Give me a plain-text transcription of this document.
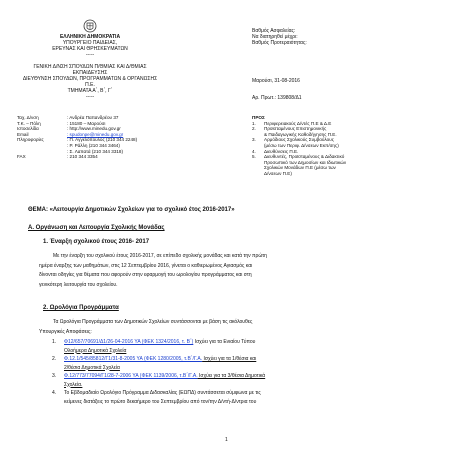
ΕΛΛΗΝΙΚΗ ΔΗΜΟΚΡΑΤΙΑ
ΥΠΟΥΡΓΕΙΟ ΠΑΙΔΕΙΑΣ,
ΕΡΕΥΝΑΣ ΚΑΙ ΘΡΗΣΚΕΥΜΑΤΩΝ
-----
ΓΕΝΙΚΗ Δ/ΝΣΗ ΣΠΟΥΔΩΝ Π/ΘΜΙΑΣ ΚΑΙ Δ/ΘΜΙΑΣ
ΕΚΠΑΙΔΕΥΣΗΣ
ΔΙΕΥΘΥΝΣΗ ΣΠΟΥΔΩΝ, ΠΡΟΓΡΑΜΜΑΤΩΝ & ΟΡΓΑΝΩΣΗΣ
Π.Ε.
ΤΜΗΜΑΤΑ Α΄, Β΄, Γ΄
-----
Βαθμός Ασφαλείας:
Να διατηρηθεί μέχρι:
Βαθμός Προτεραιότητας:
Μαρούσι, 31-08-2016
Αρ. Πρωτ.: 139808/Δ1
Ταχ. Δ/νση	: Ανδρέα Παπανδρέου 37
Τ.Κ. – Πόλη	: 15180 – Μαρούσι
Ιστοσελίδα	: http://www.minedu.gov.gr
Email	: spudonpe@minedu.gov.gr
Πληροφορίες	: Π. Αγγελόπουλος (210 344 2248)
: Ρ. Ράλλη (210 344 3464)
: Σ. Λαπατά (210 344 3318)
FAX	: 210 344 3354
ΠΡΟΣ
1. Περιφερειακούς Δ/ντές Π.Ε & Δ.Ε
2. Προϊσταμένους Επιστημονικής
& Παιδαγωγικής Καθοδήγησης Π.Ε.
3. Αρμόδιους Σχολικούς Συμβούλους
(μέσω των Περιφ. Δ/νσεων Εκπ/σης)
4. Διευθύνσεις Π.Ε.
5. Διευθυντές, Προϊσταμένους & Διδακτικό
Προσωπικό των Δημοσίων και Ιδιωτικών
Σχολικών Μονάδων Π.Ε (μέσω των
Δ/νσεων Π.Ε)
ΘΕΜΑ: «Λειτουργία Δημοτικών Σχολείων για το σχολικό έτος 2016-2017»
Α. Οργάνωση και Λειτουργία Σχολικής Μονάδας
1. Έναρξη σχολικού έτους 2016- 2017
Με την έναρξη του σχολικού έτους 2016-2017, σε επίπεδο σχολικής μονάδας και κατά την πρώτη
ημέρα έναρξης των μαθημάτων, στις 12 Σεπτεμβρίου 2016, γίνεται ο καθιερωμένος Αγιασμός και
δίνονται οδηγίες για θέματα που αφορούν στην εφαρμογή του ωρολογίου προγράμματος και στη
γενικότερη λειτουργία του σχολείου.
2. Ωρολόγια Προγράμματα
Τα Ωρολόγια Προγράμματα των Δημοτικών Σχολείων συντάσσονται με βάση τις ακόλουθες
Υπουργικές Αποφάσεις:
1. Φ12/657/70691/Δ1/26-04-2016 ΥΑ (ΦΕΚ 1324/2016, τ. Β΄) Ισχύει για τα Ενιαίου Τύπου
Ολοήμερα Δημοτικά Σχολεία
2. Φ.12.1/545/85812/Γ1/31-8-2005 ΥΑ (ΦΕΚ 1280/2005, τ.Β΄/Γ.Α. Ισχύει για τα 1/θέσια και
2/θέσια Δημοτικά Σχολεία
3. Φ.12/773/77094/Γ1/28-7-2006 ΥΑ (ΦΕΚ 1139/2006, τ.Β΄/Γ.Α. Ισχύει για τα 3/θέσια Δημοτικά
Σχολεία.
4. Το Εβδομαδιαίο Ωρολόγιο Πρόγραμμα Διδασκαλίας (ΕΩΠΔ) συντάσσεται σύμφωνα με τις
κείμενες διατάξεις το πρώτο δεκαήμερο του Σεπτεμβρίου από τον/την Δ/ντή-Δ/ντρια του
1
